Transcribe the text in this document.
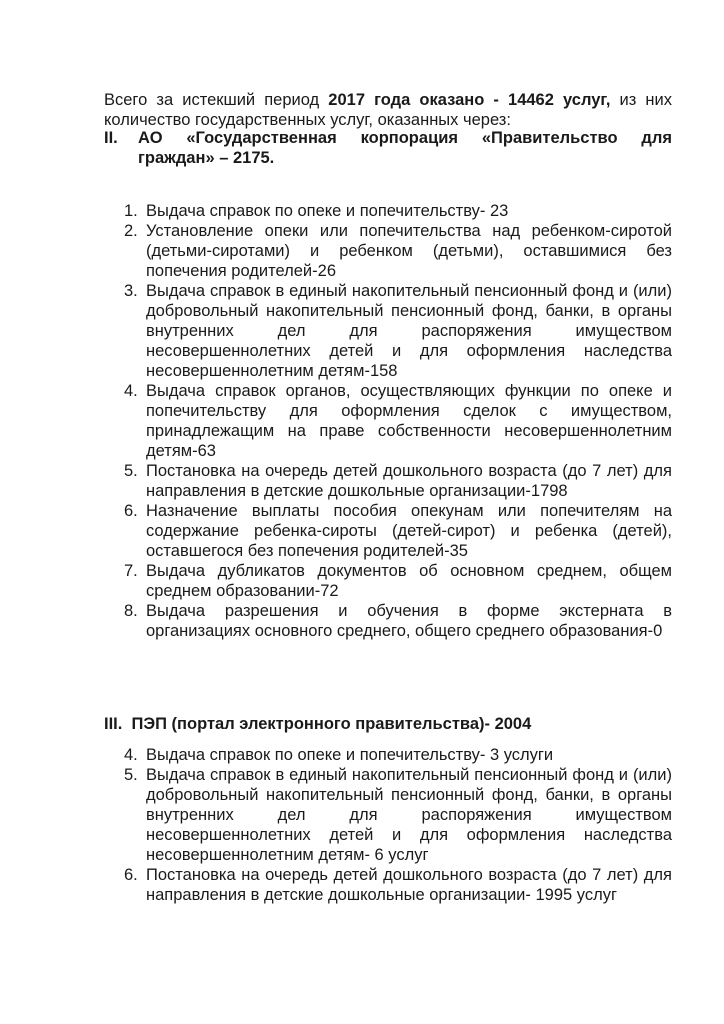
Всего за истекший период 2017 года оказано - 14462 услуг, из них
количество государственных услуг, оказанных через:
II. АО «Государственная корпорация «Правительство для
граждан» – 2175.
1. Выдача справок по опеке и попечительству- 23
2. Установление опеки или попечительства над ребенком-сиротой (детьми-сиротами) и ребенком (детьми), оставшимися без попечения родителей-26
3. Выдача справок в единый накопительный пенсионный фонд и (или) добровольный накопительный пенсионный фонд, банки, в органы внутренних дел для распоряжения имуществом несовершеннолетних детей и для оформления наследства несовершеннолетним детям-158
4. Выдача справок органов, осуществляющих функции по опеке и попечительству для оформления сделок с имуществом, принадлежащим на праве собственности несовершеннолетним детям-63
5. Постановка на очередь детей дошкольного возраста (до 7 лет) для направления в детские дошкольные организации-1798
6. Назначение выплаты пособия опекунам или попечителям на содержание ребенка-сироты (детей-сирот) и ребенка (детей), оставшегося без попечения родителей-35
7. Выдача дубликатов документов об основном среднем, общем среднем образовании-72
8. Выдача разрешения и обучения в форме экстерната в организациях основного среднего, общего среднего образования-0
III. ПЭП (портал электронного правительства)- 2004
4. Выдача справок по опеке и попечительству- 3 услуги
5. Выдача справок в единый накопительный пенсионный фонд и (или) добровольный накопительный пенсионный фонд, банки, в органы внутренних дел для распоряжения имуществом несовершеннолетних детей и для оформления наследства несовершеннолетним детям- 6 услуг
6. Постановка на очередь детей дошкольного возраста (до 7 лет) для направления в детские дошкольные организации- 1995 услуг
